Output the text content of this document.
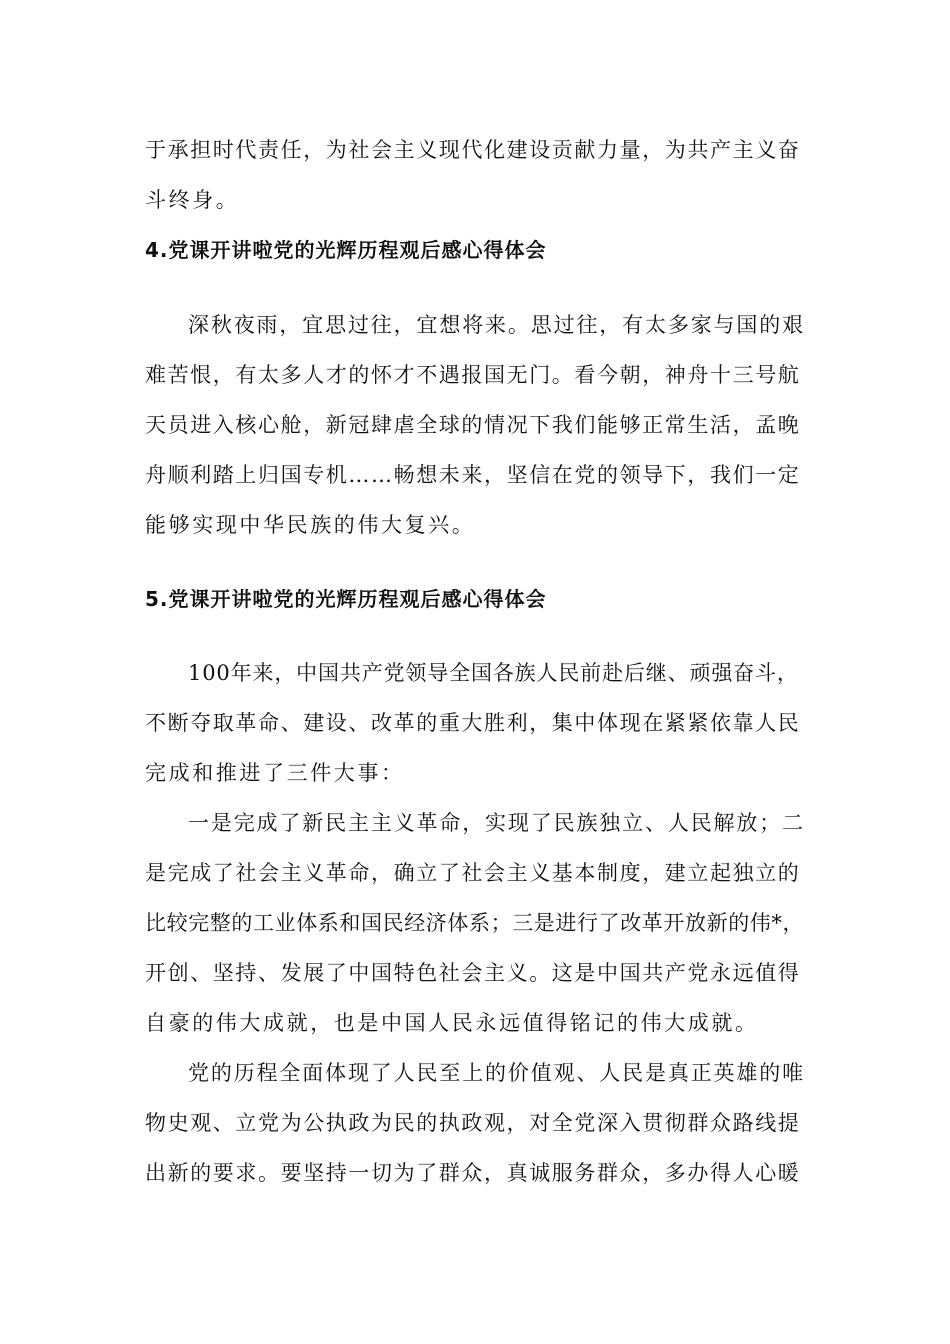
于承担时代责任，为社会主义现代化建设贡献力量，为共产主义奋
斗终身。
4.党课开讲啦党的光辉历程观后感心得体会
深秋夜雨，宜思过往，宜想将来。思过往，有太多家与国的艰
难苦恨，有太多人才的怀才不遇报国无门。看今朝，神舟十三号航
天员进入核心舱，新冠肆虐全球的情况下我们能够正常生活，孟晚
舟顺利踏上归国专机……畅想未来，坚信在党的领导下，我们一定
能够实现中华民族的伟大复兴。
5.党课开讲啦党的光辉历程观后感心得体会
100年来，中国共产党领导全国各族人民前赴后继、顽强奋斗，
不断夺取革命、建设、改革的重大胜利，集中体现在紧紧依靠人民
完成和推进了三件大事：
一是完成了新民主主义革命，实现了民族独立、人民解放；二
是完成了社会主义革命，确立了社会主义基本制度，建立起独立的
比较完整的工业体系和国民经济体系；三是进行了改革开放新的伟*，
开创、坚持、发展了中国特色社会主义。这是中国共产党永远值得
自豪的伟大成就，也是中国人民永远值得铭记的伟大成就。
党的历程全面体现了人民至上的价值观、人民是真正英雄的唯
物史观、立党为公执政为民的执政观，对全党深入贯彻群众路线提
出新的要求。要坚持一切为了群众，真诚服务群众，多办得人心暖
